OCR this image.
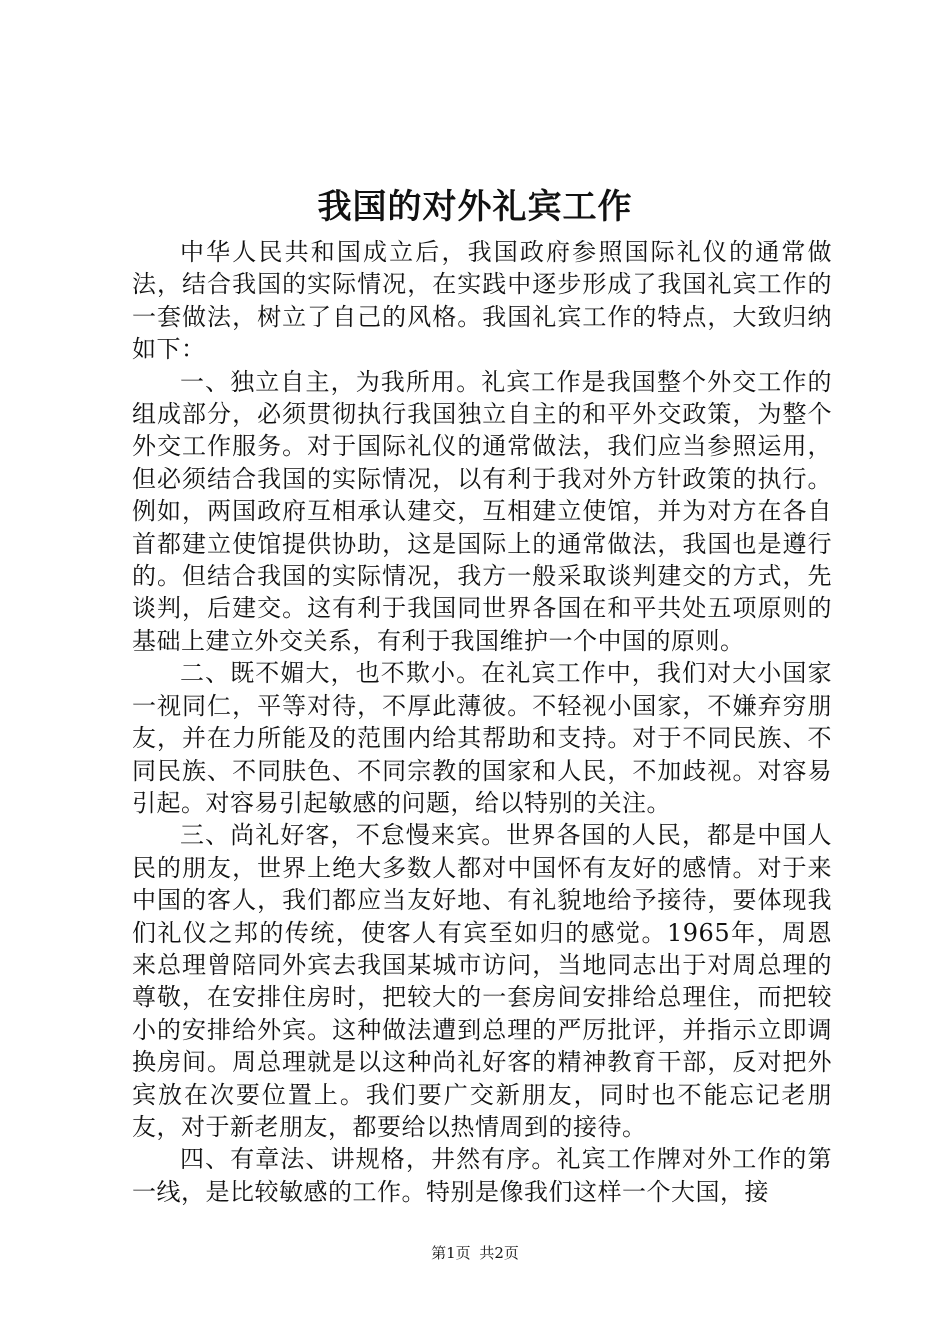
我国的对外礼宾工作

中华人民共和国成立后，我国政府参照国际礼仪的通常做法，结合我国的实际情况，在实践中逐步形成了我国礼宾工作的一套做法，树立了自己的风格。我国礼宾工作的特点，大致归纳如下：

一、独立自主，为我所用。礼宾工作是我国整个外交工作的组成部分，必须贯彻执行我国独立自主的和平外交政策，为整个外交工作服务。对于国际礼仪的通常做法，我们应当参照运用，但必须结合我国的实际情况，以有利于我对外方针政策的执行。例如，两国政府互相承认建交，互相建立使馆，并为对方在各自首都建立使馆提供协助，这是国际上的通常做法，我国也是遵行的。但结合我国的实际情况，我方一般采取谈判建交的方式，先谈判，后建交。这有利于我国同世界各国在和平共处五项原则的基础上建立外交关系，有利于我国维护一个中国的原则。

二、既不媚大，也不欺小。在礼宾工作中，我们对大小国家一视同仁，平等对待，不厚此薄彼。不轻视小国家，不嫌弃穷朋友，并在力所能及的范围内给其帮助和支持。对于不同民族、不同民族、不同肤色、不同宗教的国家和人民，不加歧视。对容易引起。对容易引起敏感的问题，给以特别的关注。

三、尚礼好客，不怠慢来宾。世界各国的人民，都是中国人民的朋友，世界上绝大多数人都对中国怀有友好的感情。对于来中国的客人，我们都应当友好地、有礼貌地给予接待，要体现我们礼仪之邦的传统，使客人有宾至如归的感觉。1965年，周恩来总理曾陪同外宾去我国某城市访问，当地同志出于对周总理的尊敬，在安排住房时，把较大的一套房间安排给总理住，而把较小的安排给外宾。这种做法遭到总理的严厉批评，并指示立即调换房间。周总理就是以这种尚礼好客的精神教育干部，反对把外宾放在次要位置上。我们要广交新朋友，同时也不能忘记老朋友，对于新老朋友，都要给以热情周到的接待。

四、有章法、讲规格，井然有序。礼宾工作牌对外工作的第一线，是比较敏感的工作。特别是像我们这样一个大国，接

第1页 共2页
